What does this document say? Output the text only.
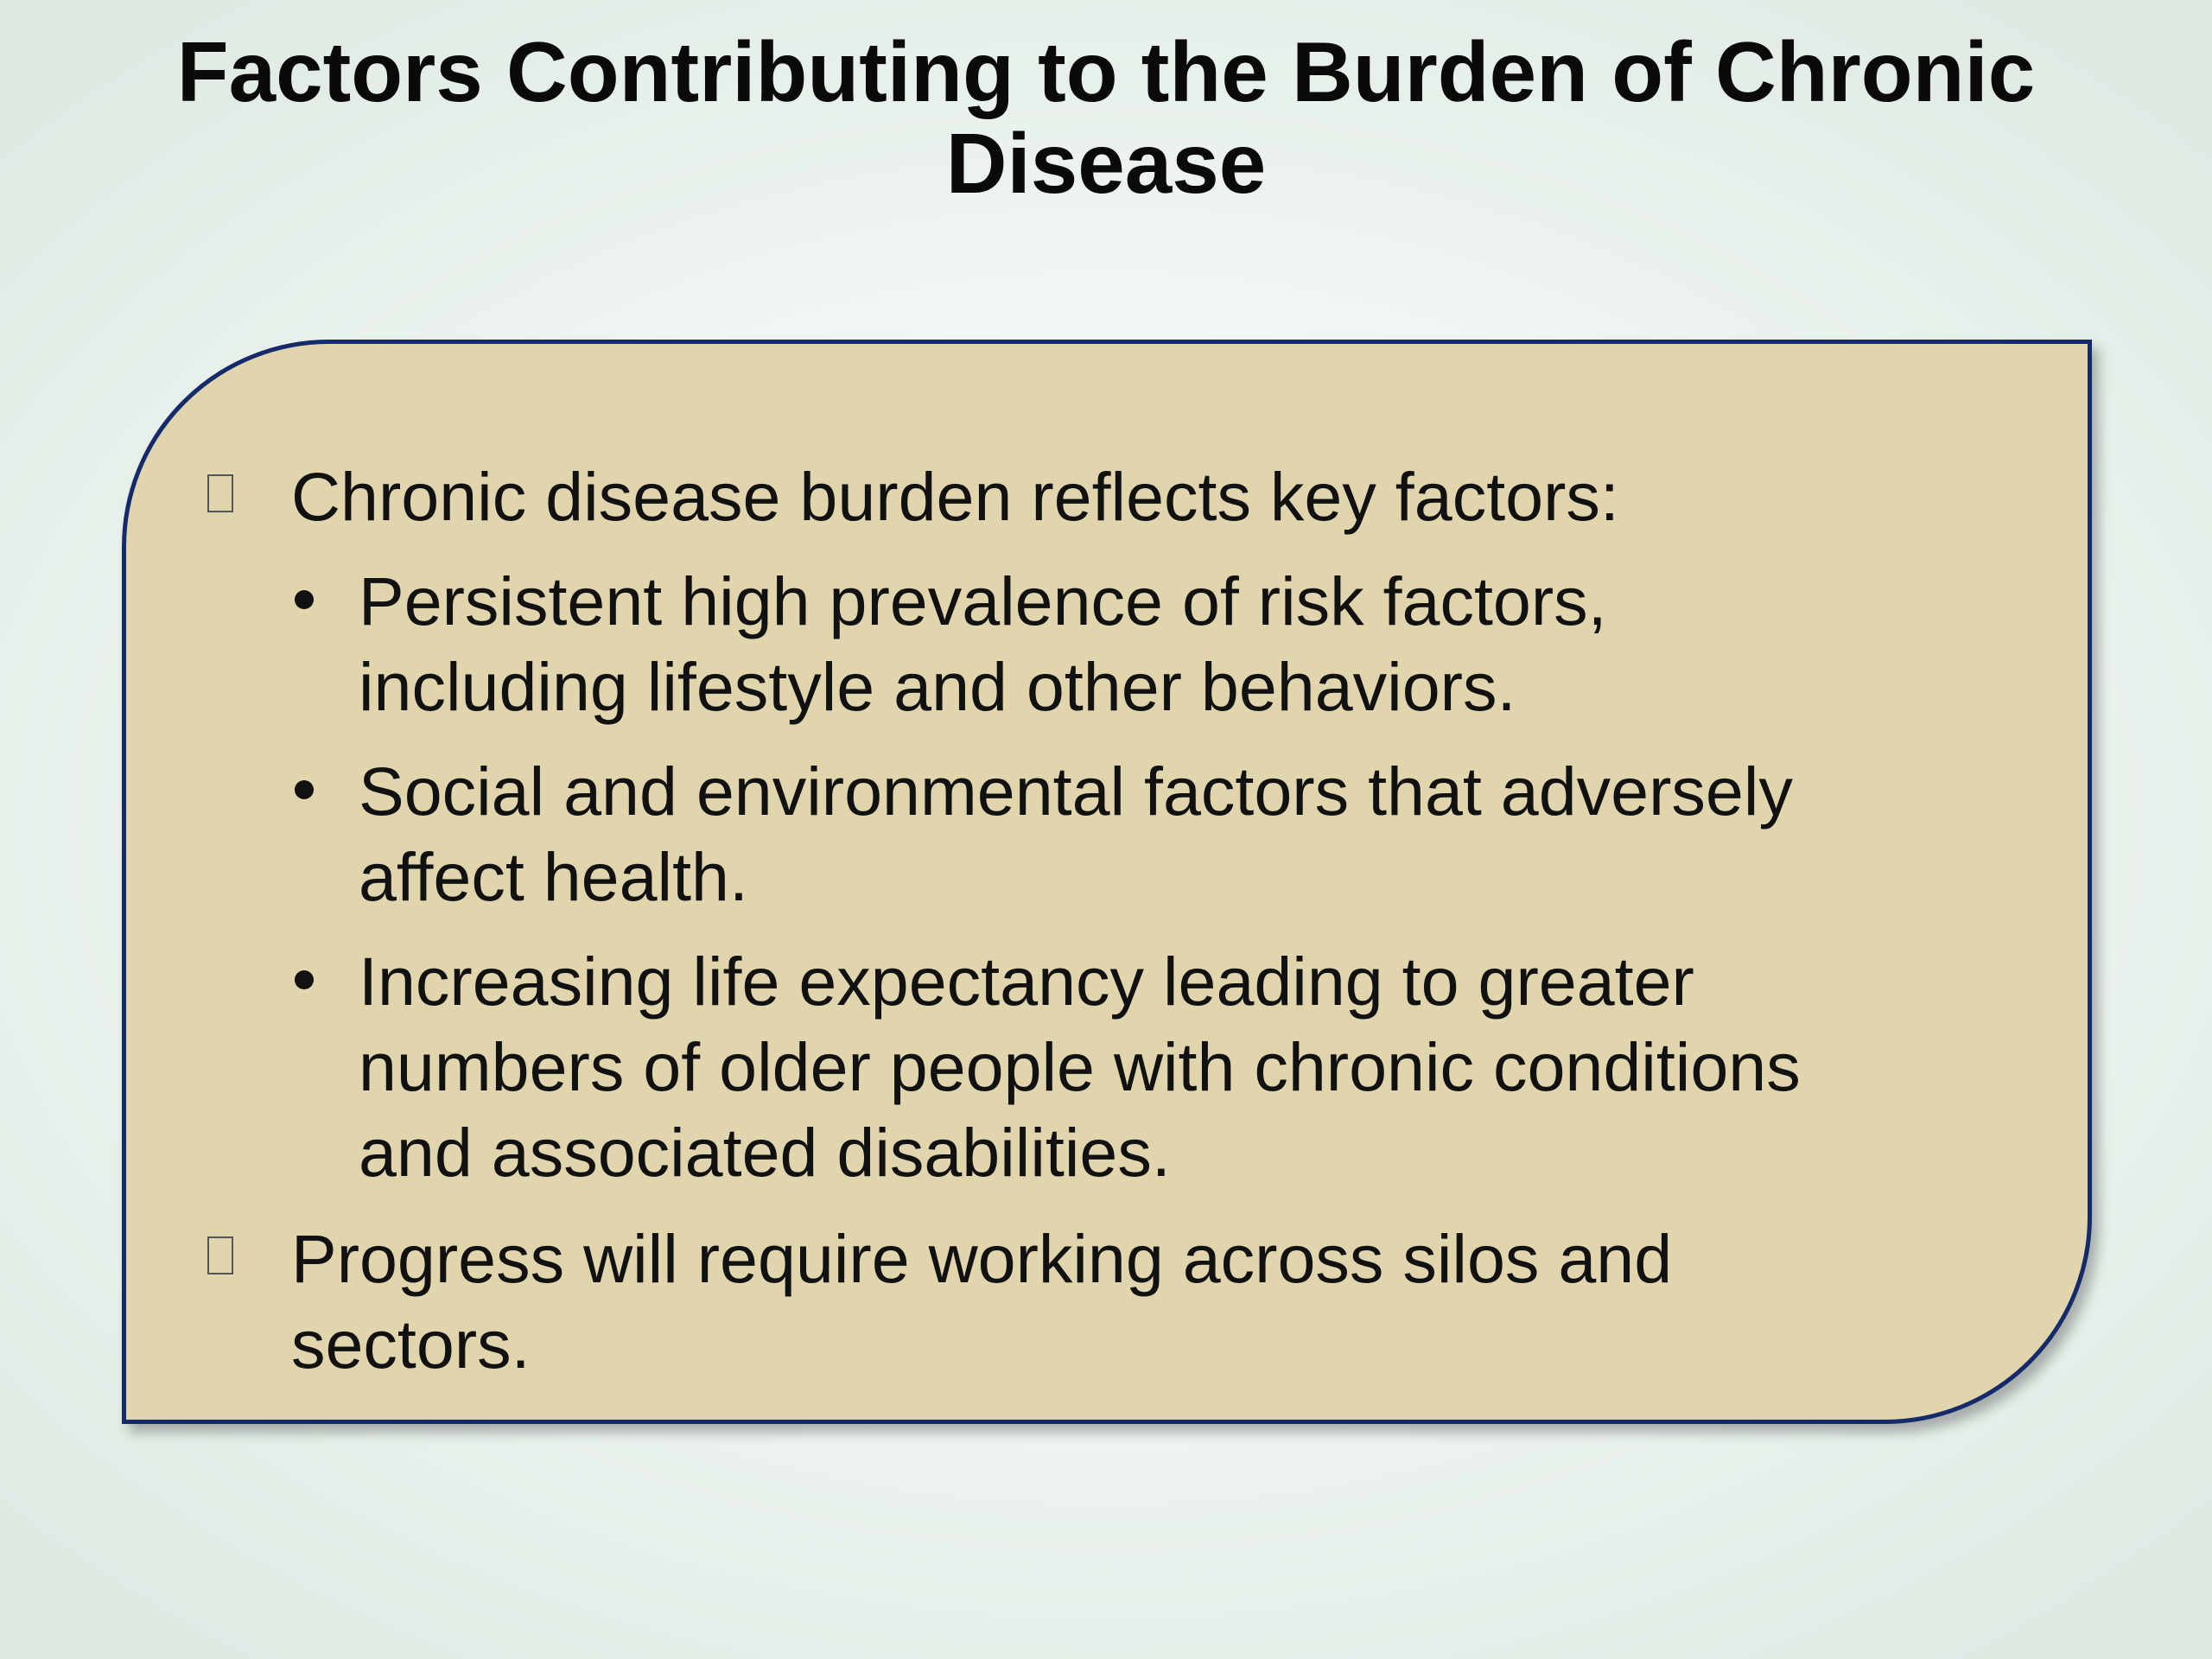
Factors Contributing to the Burden of Chronic
Disease
Chronic disease burden reflects key factors:
Persistent high prevalence of risk factors,
including lifestyle and other behaviors.
Social and environmental factors that adversely
affect health.
Increasing life expectancy leading to greater
numbers of older people with chronic conditions
and associated disabilities.
Progress will require working across silos and
sectors.
